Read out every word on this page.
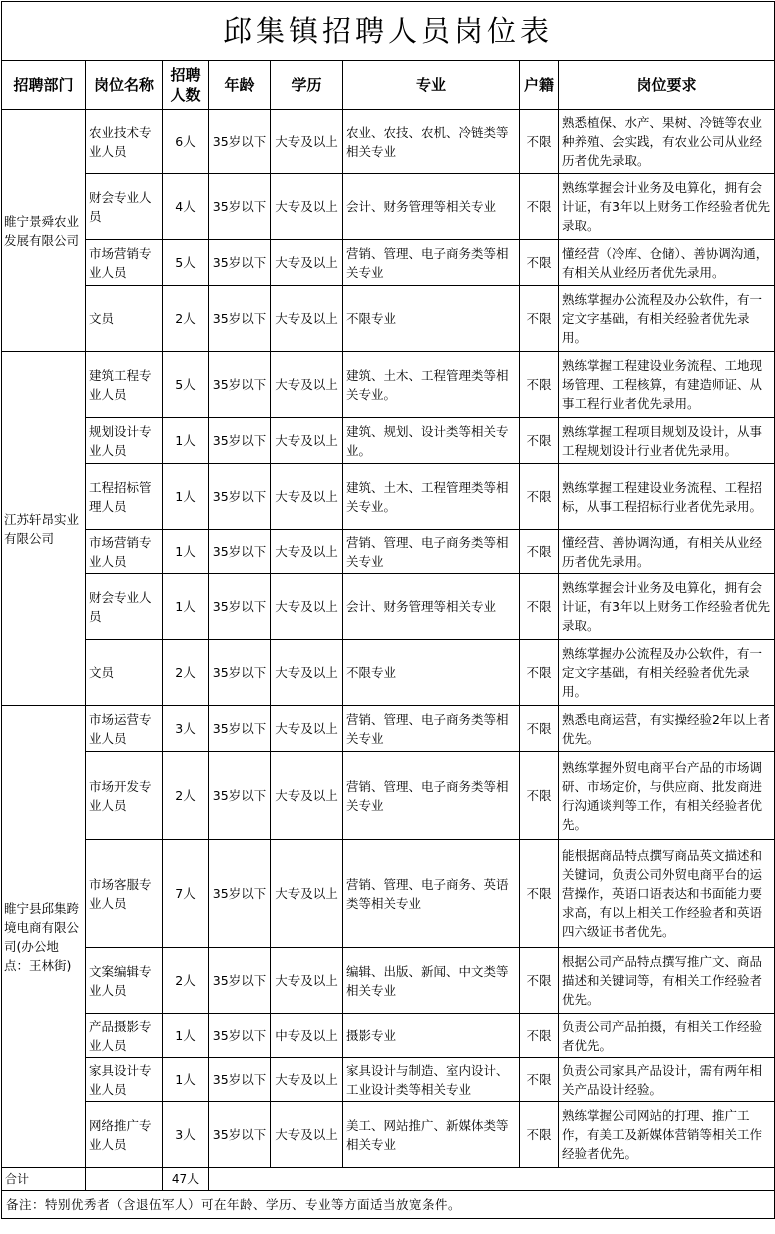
邱集镇招聘人员岗位表							
招聘部门	岗位名称	招聘人数	年龄	学历	专业	户籍	岗位要求
睢宁景舜农业发展有限公司	农业技术专业人员	6人	35岁以下	大专及以上	农业、农技、农机、冷链类等相关专业	不限	熟悉植保、水产、果树、冷链等农业种养殖、会实践，有农业公司从业经历者优先录取。
	财会专业人员	4人	35岁以下	大专及以上	会计、财务管理等相关专业	不限	熟练掌握会计业务及电算化，拥有会计证，有3年以上财务工作经验者优先录取。
	市场营销专业人员	5人	35岁以下	大专及以上	营销、管理、电子商务类等相关专业	不限	懂经营（冷库、仓储）、善协调沟通，有相关从业经历者优先录用。
	文员	2人	35岁以下	大专及以上	不限专业	不限	熟练掌握办公流程及办公软件，有一定文字基础，有相关经验者优先录用。
江苏轩昂实业有限公司	建筑工程专业人员	5人	35岁以下	大专及以上	建筑、土木、工程管理类等相关专业。	不限	熟练掌握工程建设业务流程、工地现场管理、工程核算，有建造师证、从事工程行业者优先录用。
	规划设计专业人员	1人	35岁以下	大专及以上	建筑、规划、设计类等相关专业。	不限	熟练掌握工程项目规划及设计，从事工程规划设计行业者优先录用。
	工程招标管理人员	1人	35岁以下	大专及以上	建筑、土木、工程管理类等相关专业。	不限	熟练掌握工程建设业务流程、工程招标，从事工程招标行业者优先录用。
	市场营销专业人员	1人	35岁以下	大专及以上	营销、管理、电子商务类等相关专业	不限	懂经营、善协调沟通，有相关从业经历者优先录用。
	财会专业人员	1人	35岁以下	大专及以上	会计、财务管理等相关专业	不限	熟练掌握会计业务及电算化，拥有会计证，有3年以上财务工作经验者优先录取。
	文员	2人	35岁以下	大专及以上	不限专业	不限	熟练掌握办公流程及办公软件，有一定文字基础，有相关经验者优先录用。
睢宁县邱集跨境电商有限公司(办公地点：王林街)	市场运营专业人员	3人	35岁以下	大专及以上	营销、管理、电子商务类等相关专业	不限	熟悉电商运营，有实操经验2年以上者优先。
	市场开发专业人员	2人	35岁以下	大专及以上	营销、管理、电子商务类等相关专业	不限	熟练掌握外贸电商平台产品的市场调研、市场定价，与供应商、批发商进行沟通谈判等工作，有相关经验者优先。
	市场客服专业人员	7人	35岁以下	大专及以上	营销、管理、电子商务、英语类等相关专业	不限	能根据商品特点撰写商品英文描述和关键词，负责公司外贸电商平台的运营操作，英语口语表达和书面能力要求高，有以上相关工作经验者和英语四六级证书者优先。
	文案编辑专业人员	2人	35岁以下	大专及以上	编辑、出版、新闻、中文类等相关专业	不限	根据公司产品特点撰写推广文、商品描述和关键词等，有相关工作经验者优先。
	产品摄影专业人员	1人	35岁以下	中专及以上	摄影专业	不限	负责公司产品拍摄，有相关工作经验者优先。
	家具设计专业人员	1人	35岁以下	大专及以上	家具设计与制造、室内设计、工业设计类等相关专业	不限	负责公司家具产品设计，需有两年相关产品设计经验。
	网络推广专业人员	3人	35岁以下	大专及以上	美工、网站推广、新媒体类等相关专业	不限	熟练掌握公司网站的打理、推广工作，有美工及新媒体营销等相关工作经验者优先。
合计		47人					
备注：特别优秀者（含退伍军人）可在年龄、学历、专业等方面适当放宽条件。							
